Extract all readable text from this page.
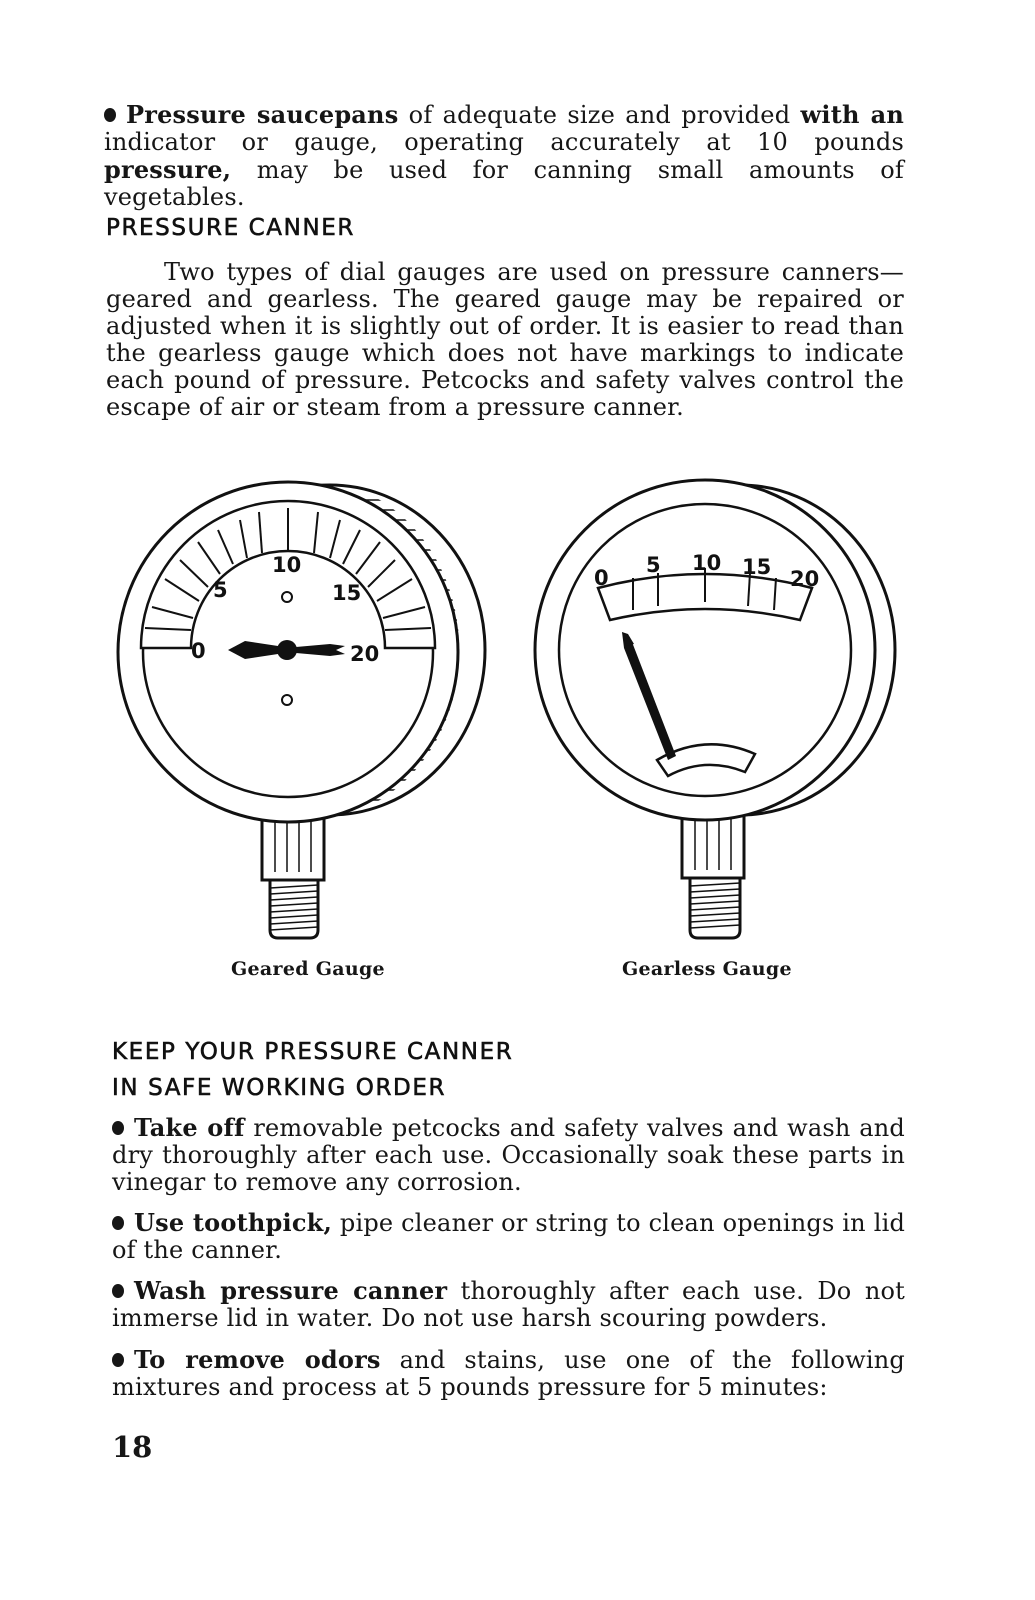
Pressure saucepans of adequate size and provided with an indicator or gauge, operating accurately at 10 pounds pressure, may be used for canning small amounts of vegetables.

PRESSURE CANNER

Two types of dial gauges are used on pressure canners— geared and gearless. The geared gauge may be repaired or adjusted when it is slightly out of order. It is easier to read than the gearless gauge which does not have markings to indicate each pound of pressure. Petcocks and safety valves control the escape of air or steam from a pressure canner.

0
5
10
15
20
0
5 10 15 20
Geared Gauge	Gearless Gauge
KEEP YOUR PRESSURE CANNER
IN SAFE WORKING ORDER

Take off removable petcocks and safety valves and wash and dry thoroughly after each use. Occasionally soak these parts in vinegar to remove any corrosion.

Use toothpick, pipe cleaner or string to clean openings in lid of the canner.

Wash pressure canner thoroughly after each use. Do not immerse lid in water. Do not use harsh scouring powders.

To remove odors and stains, use one of the following mixtures and process at 5 pounds pressure for 5 minutes:

18
